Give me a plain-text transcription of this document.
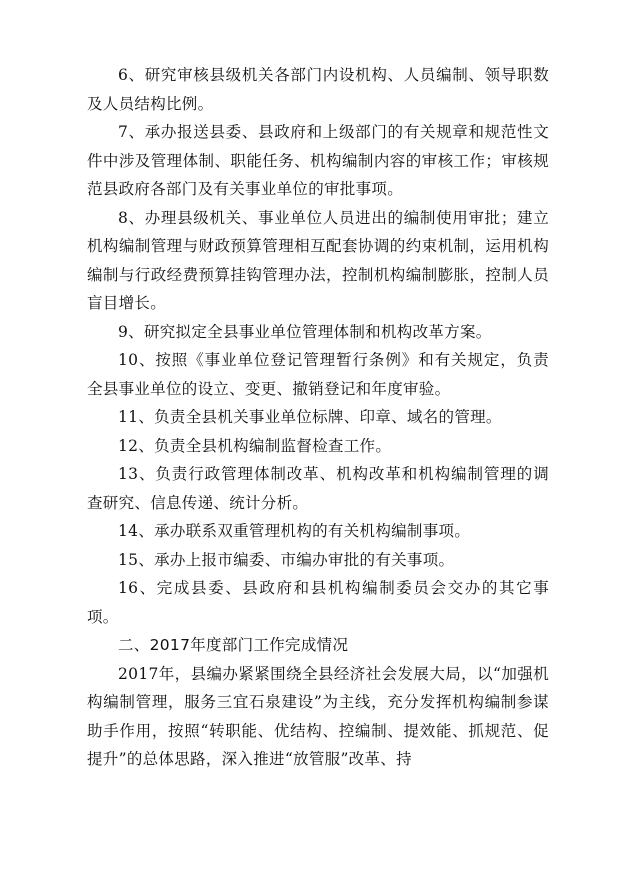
6、研究审核县级机关各部门内设机构、人员编制、领导职数及人员结构比例。

7、承办报送县委、县政府和上级部门的有关规章和规范性文件中涉及管理体制、职能任务、机构编制内容的审核工作；审核规范县政府各部门及有关事业单位的审批事项。

8、办理县级机关、事业单位人员进出的编制使用审批；建立机构编制管理与财政预算管理相互配套协调的约束机制，运用机构编制与行政经费预算挂钩管理办法，控制机构编制膨胀，控制人员盲目增长。

9、研究拟定全县事业单位管理体制和机构改革方案。

10、按照《事业单位登记管理暂行条例》和有关规定，负责全县事业单位的设立、变更、撤销登记和年度审验。

11、负责全县机关事业单位标牌、印章、域名的管理。

12、负责全县机构编制监督检查工作。

13、负责行政管理体制改革、机构改革和机构编制管理的调查研究、信息传递、统计分析。

14、承办联系双重管理机构的有关机构编制事项。

15、承办上报市编委、市编办审批的有关事项。

16、完成县委、县政府和县机构编制委员会交办的其它事项。

二、2017年度部门工作完成情况

2017年，县编办紧紧围绕全县经济社会发展大局，以“加强机构编制管理，服务三宜石泉建设”为主线，充分发挥机构编制参谋助手作用，按照“转职能、优结构、控编制、提效能、抓规范、促提升”的总体思路，深入推进“放管服”改革、持
